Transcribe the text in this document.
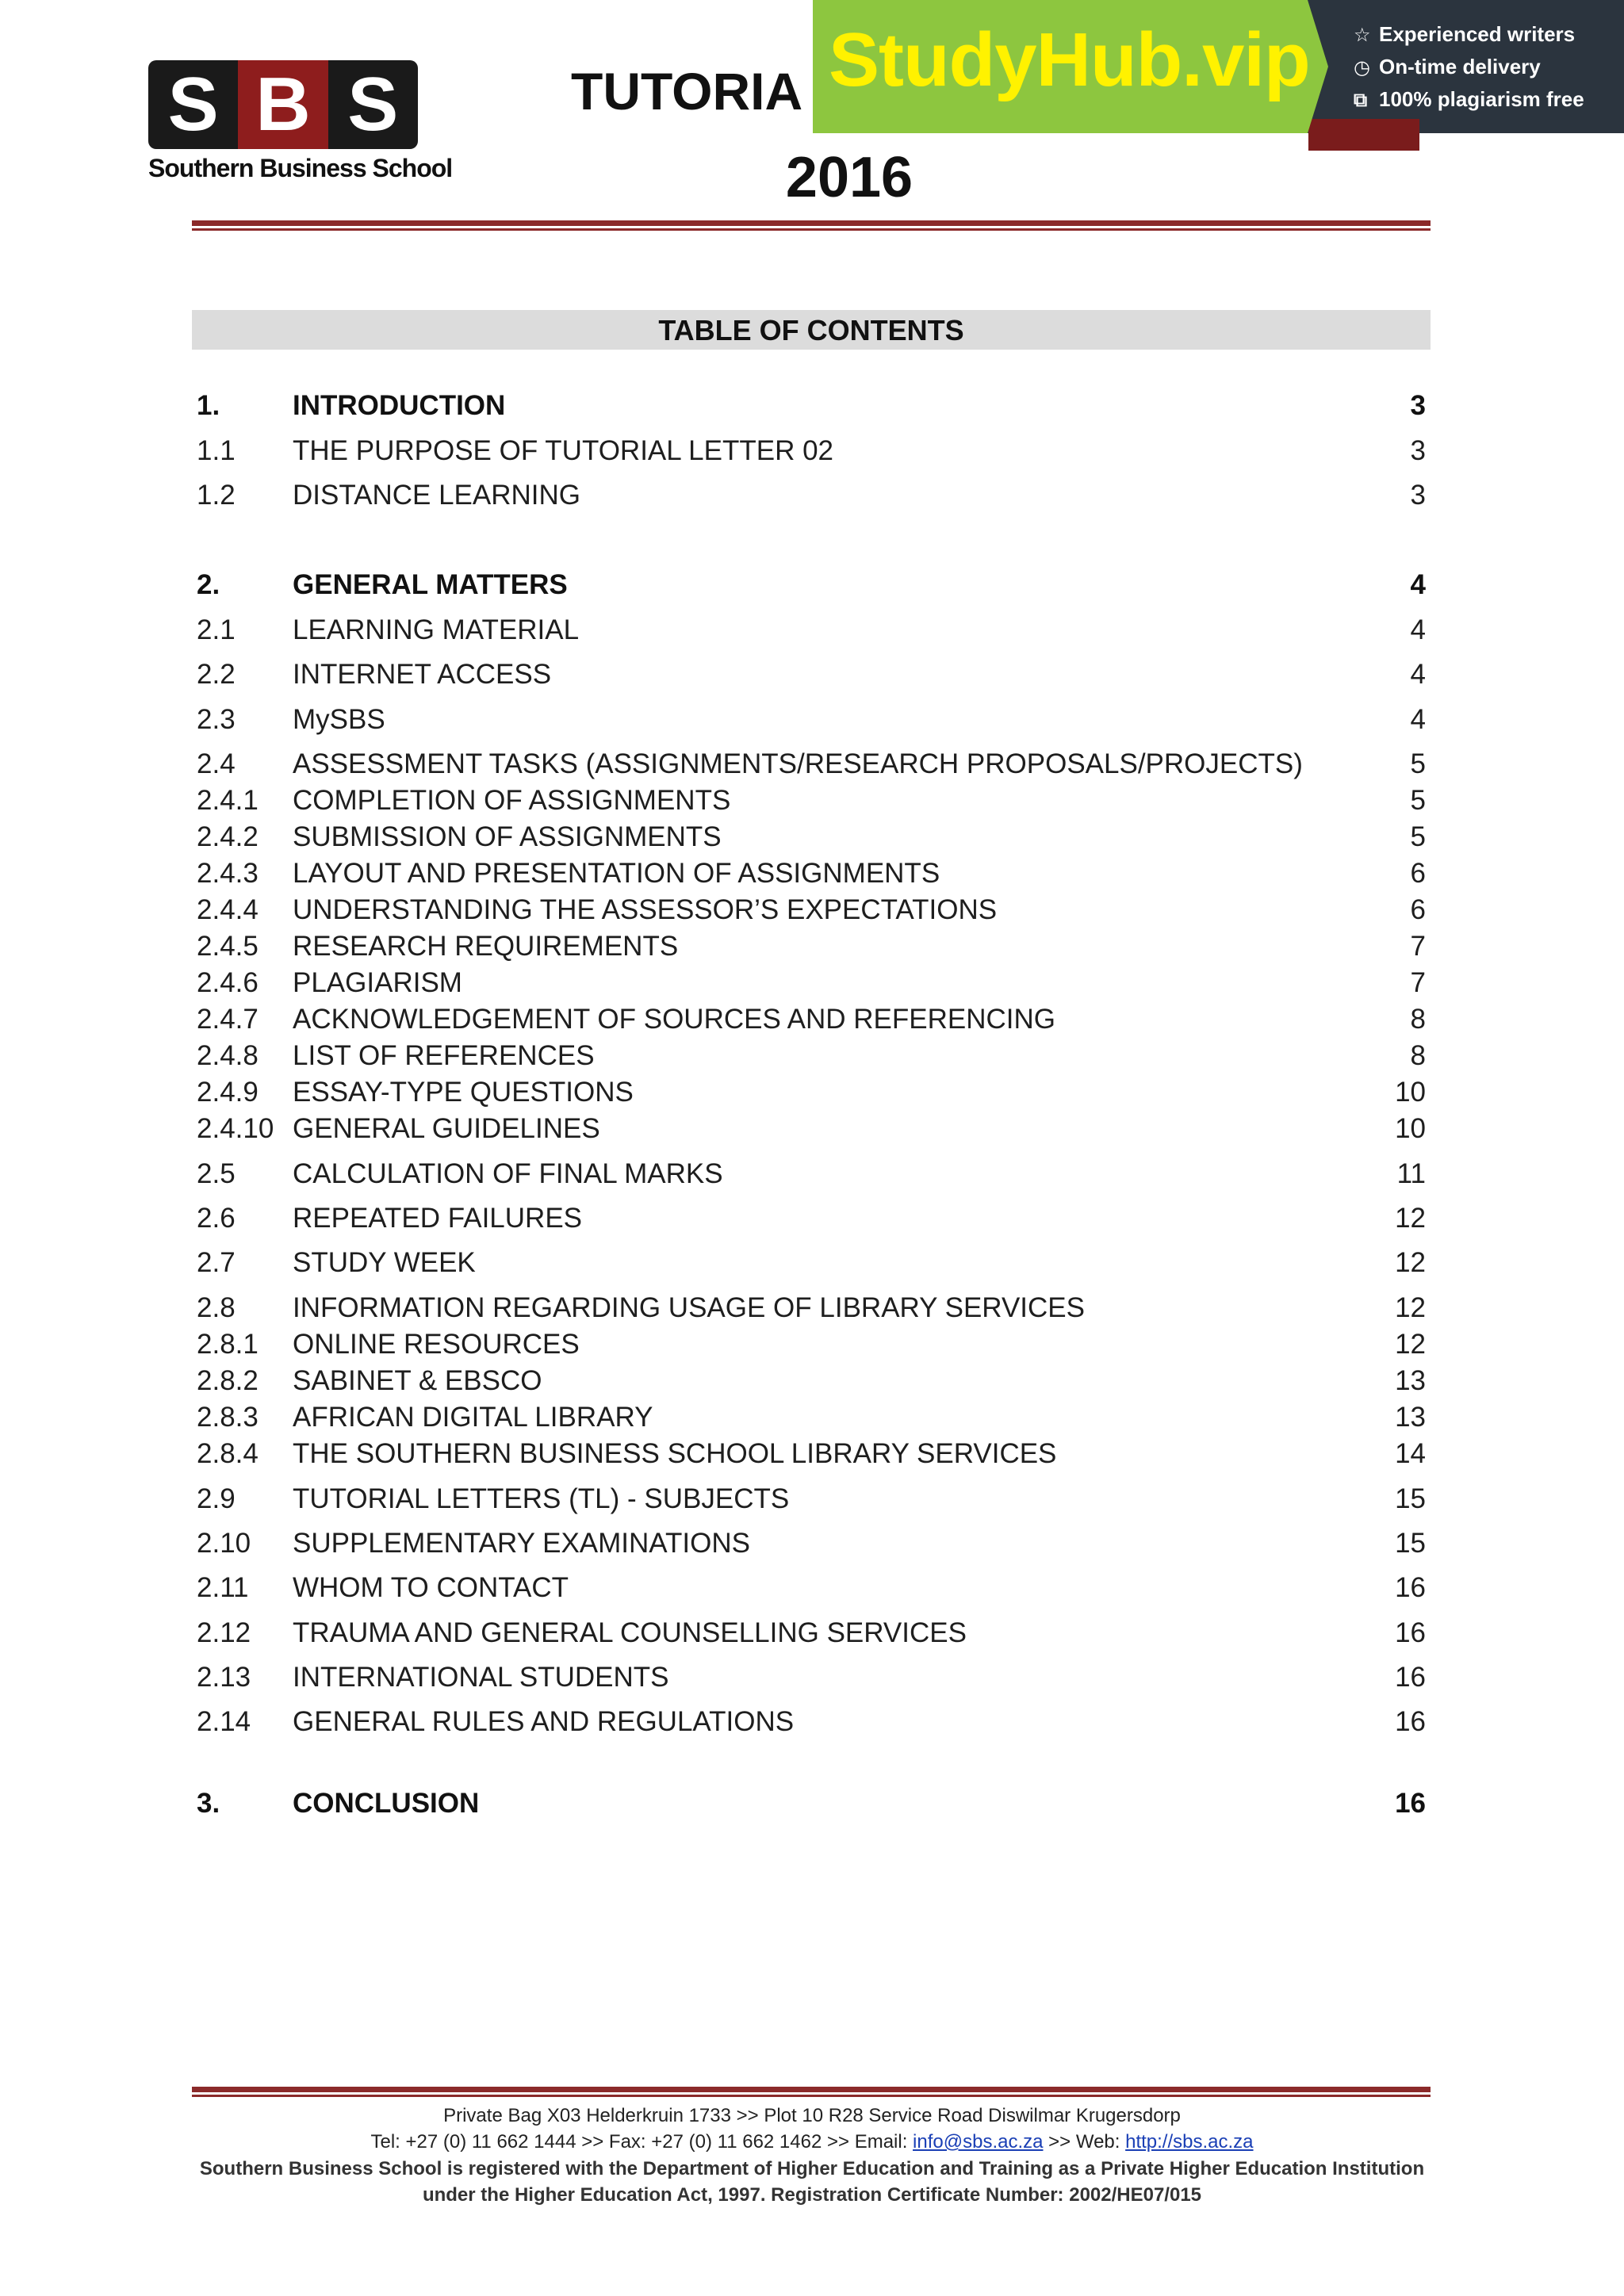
S B S
Southern Business School
TUTORIA
2016
StudyHub.vip ☆ Experienced writers
◷ On-time delivery
⧉ 100% plagiarism free
TABLE OF CONTENTS
1.	INTRODUCTION	3
1.1 THE PURPOSE OF TUTORIAL LETTER 02	3
1.2 DISTANCE LEARNING	3
2.	GENERAL MATTERS	4
2.1 LEARNING MATERIAL	4
2.2 INTERNET ACCESS	4
2.3 MySBS	4
2.4 ASSESSMENT TASKS (ASSIGNMENTS/RESEARCH PROPOSALS/PROJECTS)	5
2.4.1 COMPLETION OF ASSIGNMENTS	5
2.4.2 SUBMISSION OF ASSIGNMENTS	5
2.4.3 LAYOUT AND PRESENTATION OF ASSIGNMENTS	6
2.4.4 UNDERSTANDING THE ASSESSOR’S EXPECTATIONS	6
2.4.5 RESEARCH REQUIREMENTS	7
2.4.6 PLAGIARISM	7
2.4.7 ACKNOWLEDGEMENT OF SOURCES AND REFERENCING	8
2.4.8 LIST OF REFERENCES	8
2.4.9 ESSAY-TYPE QUESTIONS	10
2.4.10 GENERAL GUIDELINES	10
2.5 CALCULATION OF FINAL MARKS	11
2.6 REPEATED FAILURES	12
2.7 STUDY WEEK	12
2.8 INFORMATION REGARDING USAGE OF LIBRARY SERVICES	12
2.8.1 ONLINE RESOURCES	12
2.8.2 SABINET & EBSCO	13
2.8.3 AFRICAN DIGITAL LIBRARY	13
2.8.4 THE SOUTHERN BUSINESS SCHOOL LIBRARY SERVICES	14
2.9 TUTORIAL LETTERS (TL) - SUBJECTS	15
2.10 SUPPLEMENTARY EXAMINATIONS	15
2.11 WHOM TO CONTACT	16
2.12 TRAUMA AND GENERAL COUNSELLING SERVICES	16
2.13 INTERNATIONAL STUDENTS	16
2.14 GENERAL RULES AND REGULATIONS	16
3.	CONCLUSION	16
Private Bag X03 Helderkruin 1733 >> Plot 10 R28 Service Road Diswilmar Krugersdorp
Tel: +27 (0) 11 662 1444 >> Fax: +27 (0) 11 662 1462 >> Email: info@sbs.ac.za >> Web: http://sbs.ac.za
Southern Business School is registered with the Department of Higher Education and Training as a Private Higher Education Institution
under the Higher Education Act, 1997. Registration Certificate Number: 2002/HE07/015
